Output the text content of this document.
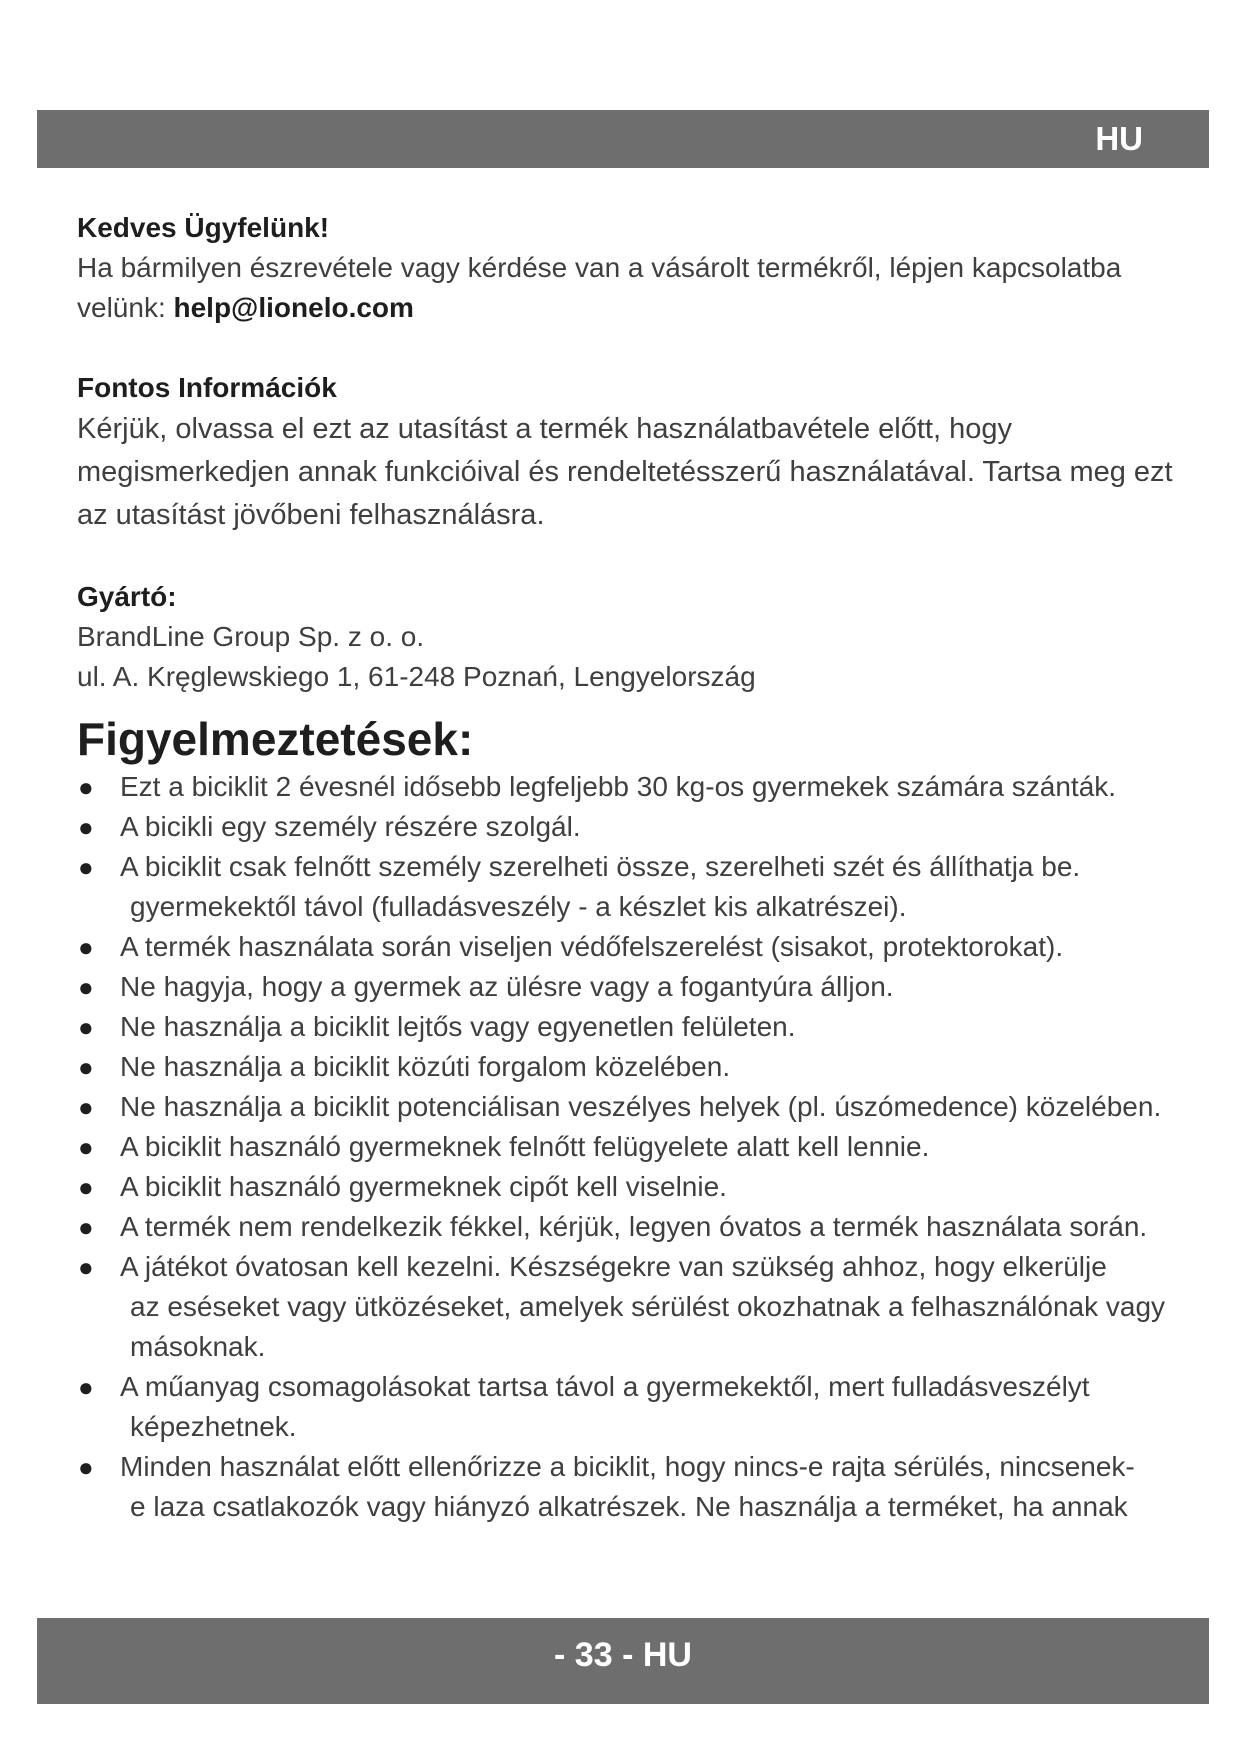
HU
Kedves Ügyfelünk!
Ha bármilyen észrevétele vagy kérdése van a vásárolt termékről, lépjen kapcsolatba velünk: help@lionelo.com
Fontos Információk
Kérjük, olvassa el ezt az utasítást a termék használatbavétele előtt, hogy megismerkedjen annak funkcióival és rendeltetésszerű használatával. Tartsa meg ezt az utasítást jövőbeni felhasználásra.
Gyártó:
BrandLine Group Sp. z o. o.
ul. A. Kręglewskiego 1, 61-248 Poznań, Lengyelország
Figyelmeztetések:
● Ezt a biciklit 2 évesnél idősebb legfeljebb 30 kg-os gyermekek számára szánták.
● A bicikli egy személy részére szolgál.
● A biciklit csak felnőtt személy szerelheti össze, szerelheti szét és állíthatja be.
gyermekektől távol (fulladásveszély - a készlet kis alkatrészei).
● A termék használata során viseljen védőfelszerelést (sisakot, protektorokat).
● Ne hagyja, hogy a gyermek az ülésre vagy a fogantyúra álljon.
● Ne használja a biciklit lejtős vagy egyenetlen felületen.
● Ne használja a biciklit közúti forgalom közelében.
● Ne használja a biciklit potenciálisan veszélyes helyek (pl. úszómedence) közelében.
● A biciklit használó gyermeknek felnőtt felügyelete alatt kell lennie.
● A biciklit használó gyermeknek cipőt kell viselnie.
● A termék nem rendelkezik fékkel, kérjük, legyen óvatos a termék használata során.
● A játékot óvatosan kell kezelni. Készségekre van szükség ahhoz, hogy elkerülje
az eséseket vagy ütközéseket, amelyek sérülést okozhatnak a felhasználónak vagy másoknak.
● A műanyag csomagolásokat tartsa távol a gyermekektől, mert fulladásveszélyt
képezhetnek.
● Minden használat előtt ellenőrizze a biciklit, hogy nincs-e rajta sérülés, nincsenek-
e laza csatlakozók vagy hiányzó alkatrészek. Ne használja a terméket, ha annak
- 33 - HU
